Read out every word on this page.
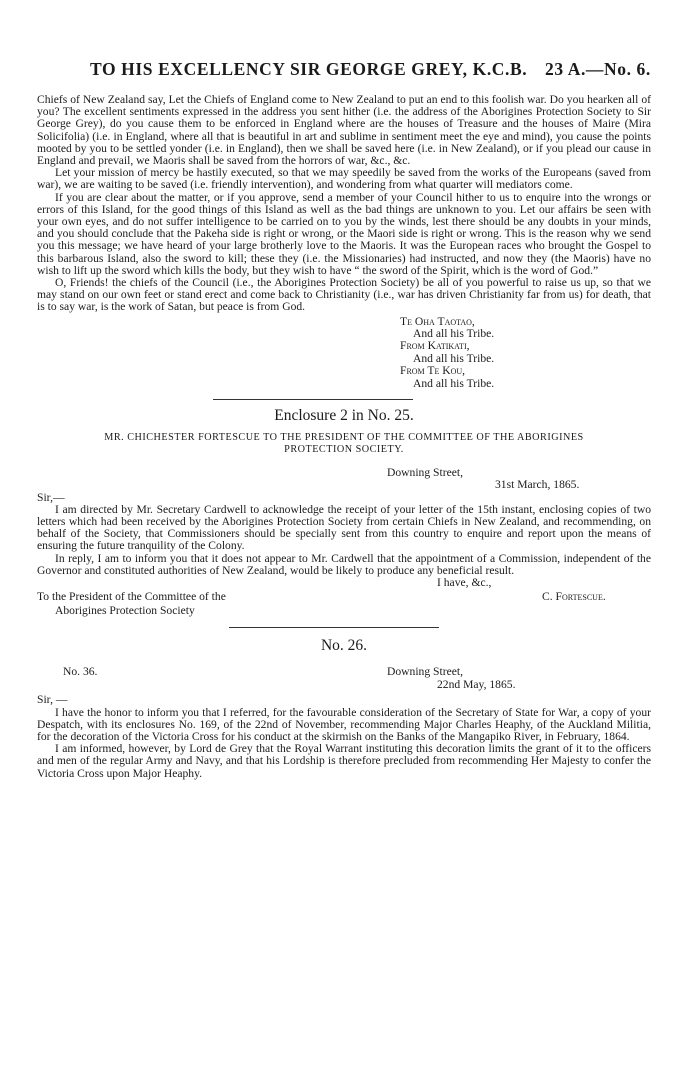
TO HIS EXCELLENCY SIR GEORGE GREY, K.C.B. 23 A.—No. 6.

Chiefs of New Zealand say, Let the Chiefs of England come to New Zealand to put an end to this foolish war. Do you hearken all of you? The excellent sentiments expressed in the address you sent hither (i.e. the address of the Aborigines Protection Society to Sir George Grey), do you cause them to be enforced in England where are the houses of Treasure and the houses of Maire (Mira Solicifolia) (i.e. in England, where all that is beautiful in art and sublime in sentiment meet the eye and mind), you cause the points mooted by you to be settled yonder (i.e. in England), then we shall be saved here (i.e. in New Zealand), or if you plead our cause in England and prevail, we Maoris shall be saved from the horrors of war, &c., &c.

Let your mission of mercy be hastily executed, so that we may speedily be saved from the works of the Europeans (saved from war), we are waiting to be saved (i.e. friendly intervention), and wondering from what quarter will mediators come.

If you are clear about the matter, or if you approve, send a member of your Council hither to us to enquire into the wrongs or errors of this Island, for the good things of this Island as well as the bad things are unknown to you. Let our affairs be seen with your own eyes, and do not suffer intelligence to be carried on to you by the winds, lest there should be any doubts in your minds, and you should conclude that the Pakeha side is right or wrong, or the Maori side is right or wrong. This is the reason why we send you this message; we have heard of your large brotherly love to the Maoris. It was the European races who brought the Gospel to this barbarous Island, also the sword to kill; these they (i.e. the Missionaries) had instructed, and now they (the Maoris) have no wish to lift up the sword which kills the body, but they wish to have “ the sword of the Spirit, which is the word of God.”

O, Friends! the chiefs of the Council (i.e., the Aborigines Protection Society) be all of you powerful to raise us up, so that we may stand on our own feet or stand erect and come back to Christianity (i.e., war has driven Christianity far from us) for death, that is to say war, is the work of Satan, but peace is from God.

Te Oha Taotao,
And all his Tribe.
From Katikati,
And all his Tribe.
From Te Kou,
And all his Tribe.
Enclosure 2 in No. 25.
MR. CHICHESTER FORTESCUE TO THE PRESIDENT OF THE COMMITTEE OF THE ABORIGINES
PROTECTION SOCIETY.
Downing Street,
31st March, 1865.
Sir,—

I am directed by Mr. Secretary Cardwell to acknowledge the receipt of your letter of the 15th instant, enclosing copies of two letters which had been received by the Aborigines Protection Society from certain Chiefs in New Zealand, and recommending, on behalf of the Society, that Commissioners should be specially sent from this country to enquire and report upon the means of ensuring the future tranquility of the Colony.

In reply, I am to inform you that it does not appear to Mr. Cardwell that the appointment of a Commission, independent of the Governor and constituted authorities of New Zealand, would be likely to produce any beneficial result.

I have, &c.,
To the President of the Committee of the	C. Fortescue.
Aborigines Protection Society
No. 26.
No. 36.	Downing Street,
22nd May, 1865.
Sir, —

I have the honor to inform you that I referred, for the favourable consideration of the Secretary of State for War, a copy of your Despatch, with its enclosures No. 169, of the 22nd of November, recommending Major Charles Heaphy, of the Auckland Militia, for the decoration of the Victoria Cross for his conduct at the skirmish on the Banks of the Mangapiko River, in February, 1864.

I am informed, however, by Lord de Grey that the Royal Warrant instituting this decoration limits the grant of it to the officers and men of the regular Army and Navy, and that his Lordship is therefore precluded from recommending Her Majesty to confer the Victoria Cross upon Major Heaphy.
